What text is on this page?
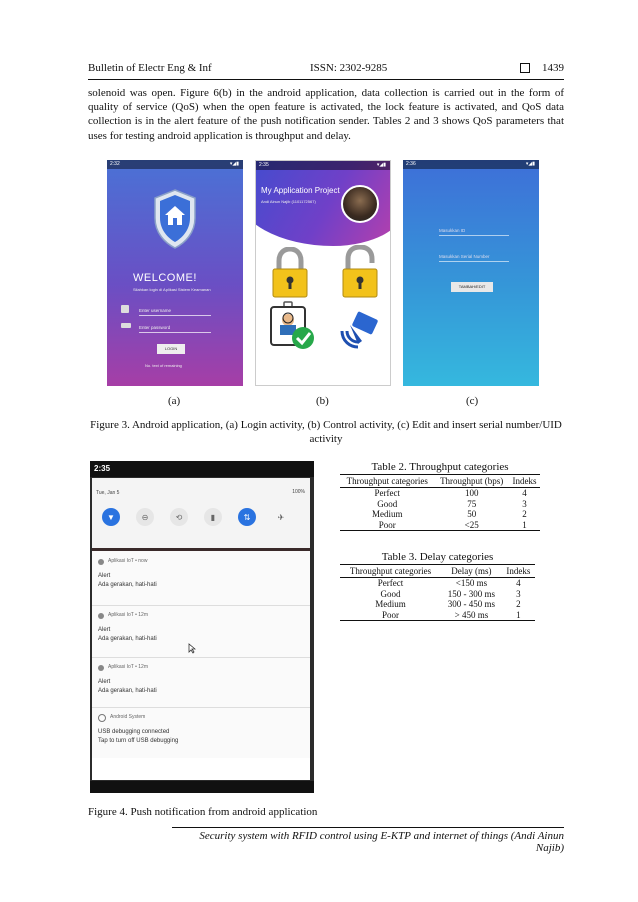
Bulletin of Electr Eng & Inf	ISSN: 2302-9285	1439
solenoid was open. Figure 6(b) in the android application, data collection is carried out in the form of quality of service (QoS) when the open feature is activated, the lock feature is activated, and QoS data collection is in the alert feature of the push notification sender. Tables 2 and 3 shows QoS parameters that uses for testing android application is throughput and delay.
2:32	▾◢▮
WELCOME!
Silahkan login di Aplikasi Sistem Keamanan
Enter username
Enter password
LOGIN
No. text of remaining
2:35	▾◢▮
My Application Project
Andi Ainun Najib (1101172567)
2:36	▾◢▮
Masukkan ID
Masukkan Serial Number
TAMBAH/EDIT
(a)	(b)	(c)
Figure 3. Android application, (a) Login activity, (b) Control activity, (c) Edit and insert serial number/UID activity
2:35
Tue, Jan 5	100%
▼	⊖	⟲	▮	⇅	✈
Aplikasi IoT • now
Alert
Ada gerakan, hati-hati
Aplikasi IoT • 12m
Alert
Ada gerakan, hati-hati
Aplikasi IoT • 12m
Alert
Ada gerakan, hati-hati
Android System
USB debugging connected
Tap to turn off USB debugging
Table 2. Throughput categories
Throughput categories	Throughput (bps)	Indeks
Perfect	100	4
Good	75	3
Medium	50	2
Poor	<25	1
Table 3. Delay categories
Throughput categories	Delay (ms)	Indeks
Perfect	<150 ms	4
Good	150 - 300 ms	3
Medium	300 - 450 ms	2
Poor	> 450 ms	1
Figure 4. Push notification from android application
Security system with RFID control using E-KTP and internet of things (Andi Ainun Najib)
